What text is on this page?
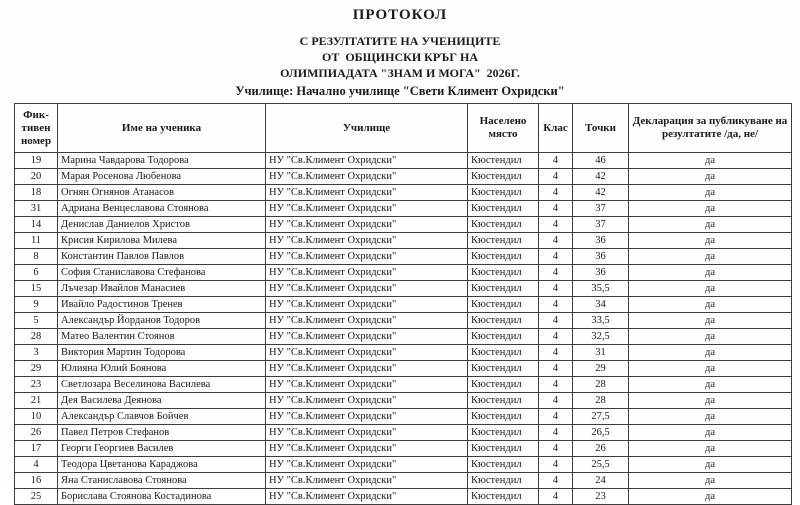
ПРОТОКОЛ
С РЕЗУЛТАТИТЕ НА УЧЕНИЦИТЕ
ОТ  ОБЩИНСКИ КРЪГ НА
ОЛИМПИАДАТА "ЗНАМ И МОГА"  2026Г.
Училище: Начално училище "Свети Климент Охридски"
Фик-тивен номер	Име на ученика	Училище	Населено място	Клас	Точки	Декларация за публикуване на резултатите /да, не/
19	Марина Чавдарова Тодорова	НУ "Св.Климент Охридски"	Кюстендил	4	46	да
20	Марая Росенова Любенова	НУ "Св.Климент Охридски"	Кюстендил	4	42	да
18	Огнян Огнянов Атанасов	НУ "Св.Климент Охридски"	Кюстендил	4	42	да
31	Адриана Венцеславова Стоянова	НУ "Св.Климент Охридски"	Кюстендил	4	37	да
14	Денислав Даниелов Христов	НУ "Св.Климент Охридски"	Кюстендил	4	37	да
11	Крисия Кирилова Милева	НУ "Св.Климент Охридски"	Кюстендил	4	36	да
8	Константин Павлов Павлов	НУ "Св.Климент Охридски"	Кюстендил	4	36	да
6	София Станиславова Стефанова	НУ "Св.Климент Охридски"	Кюстендил	4	36	да
15	Лъчезар Ивайлов Манасиев	НУ "Св.Климент Охридски"	Кюстендил	4	35,5	да
9	Ивайло Радостинов Тренев	НУ "Св.Климент Охридски"	Кюстендил	4	34	да
5	Александър Йорданов Тодоров	НУ "Св.Климент Охридски"	Кюстендил	4	33,5	да
28	Матео Валентин Стоянов	НУ "Св.Климент Охридски"	Кюстендил	4	32,5	да
3	Виктория Мартин Тодорова	НУ "Св.Климент Охридски"	Кюстендил	4	31	да
29	Юлияна Юлий Боянова	НУ "Св.Климент Охридски"	Кюстендил	4	29	да
23	Светлозара Веселинова Василева	НУ "Св.Климент Охридски"	Кюстендил	4	28	да
21	Дея Василева Деянова	НУ "Св.Климент Охридски"	Кюстендил	4	28	да
10	Александър Славчов Бойчев	НУ "Св.Климент Охридски"	Кюстендил	4	27,5	да
26	Павел Петров Стефанов	НУ "Св.Климент Охридски"	Кюстендил	4	26,5	да
17	Георги Георгиев Василев	НУ "Св.Климент Охридски"	Кюстендил	4	26	да
4	Теодора Цветанова Караджова	НУ "Св.Климент Охридски"	Кюстендил	4	25,5	да
16	Яна Станиславова Стоянова	НУ "Св.Климент Охридски"	Кюстендил	4	24	да
25	Борислава Стоянова Костадинова	НУ "Св.Климент Охридски"	Кюстендил	4	23	да
